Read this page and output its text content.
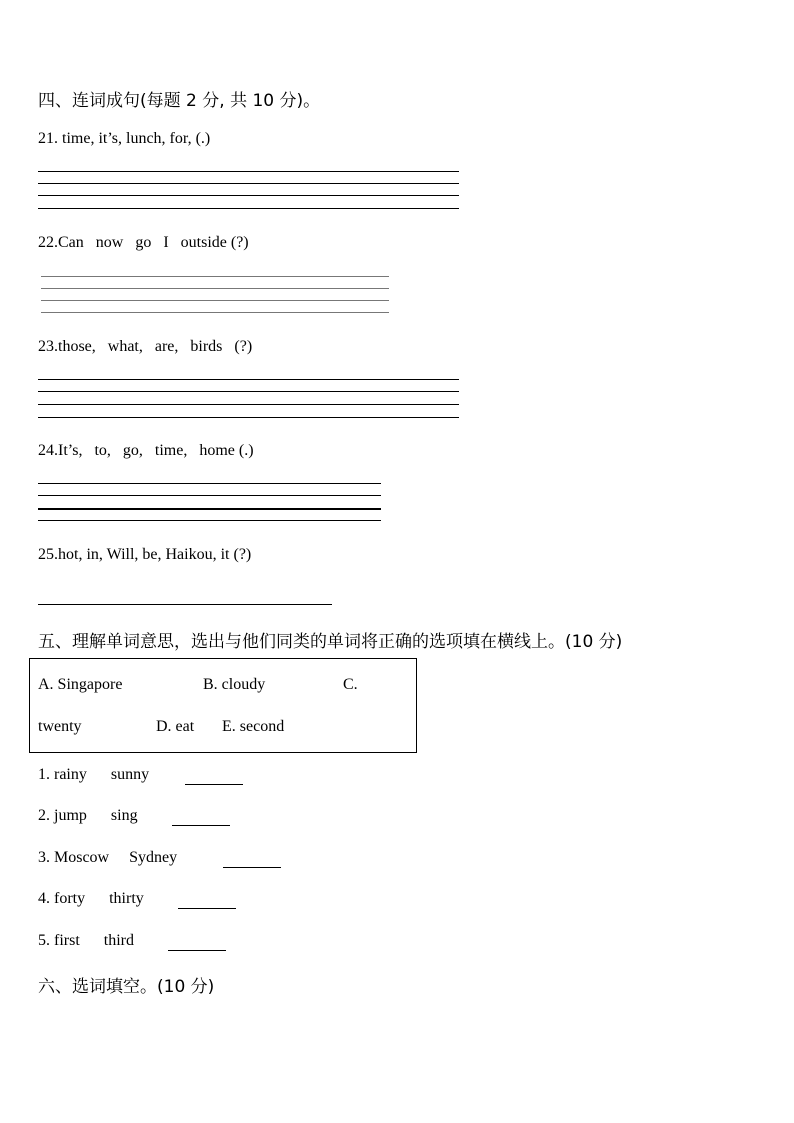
四、连词成句(每题 2 分, 共 10 分)。
21. time, it’s, lunch, for, (.)
22.Can   now   go   I   outside (?)
23.those,   what,   are,   birds   (?)
24.It’s,   to,   go,   time,   home (.)
25.hot, in, Will, be, Haikou, it (?)
五、理解单词意思，选出与他们同类的单词将正确的选项填在横线上。(10 分)
A. Singapore	B. cloudy	C.
twenty	D. eat E. second
1. rainy      sunny
2. jump      sing
3. Moscow     Sydney
4. forty      thirty
5. first      third
六、选词填空。(10 分)
